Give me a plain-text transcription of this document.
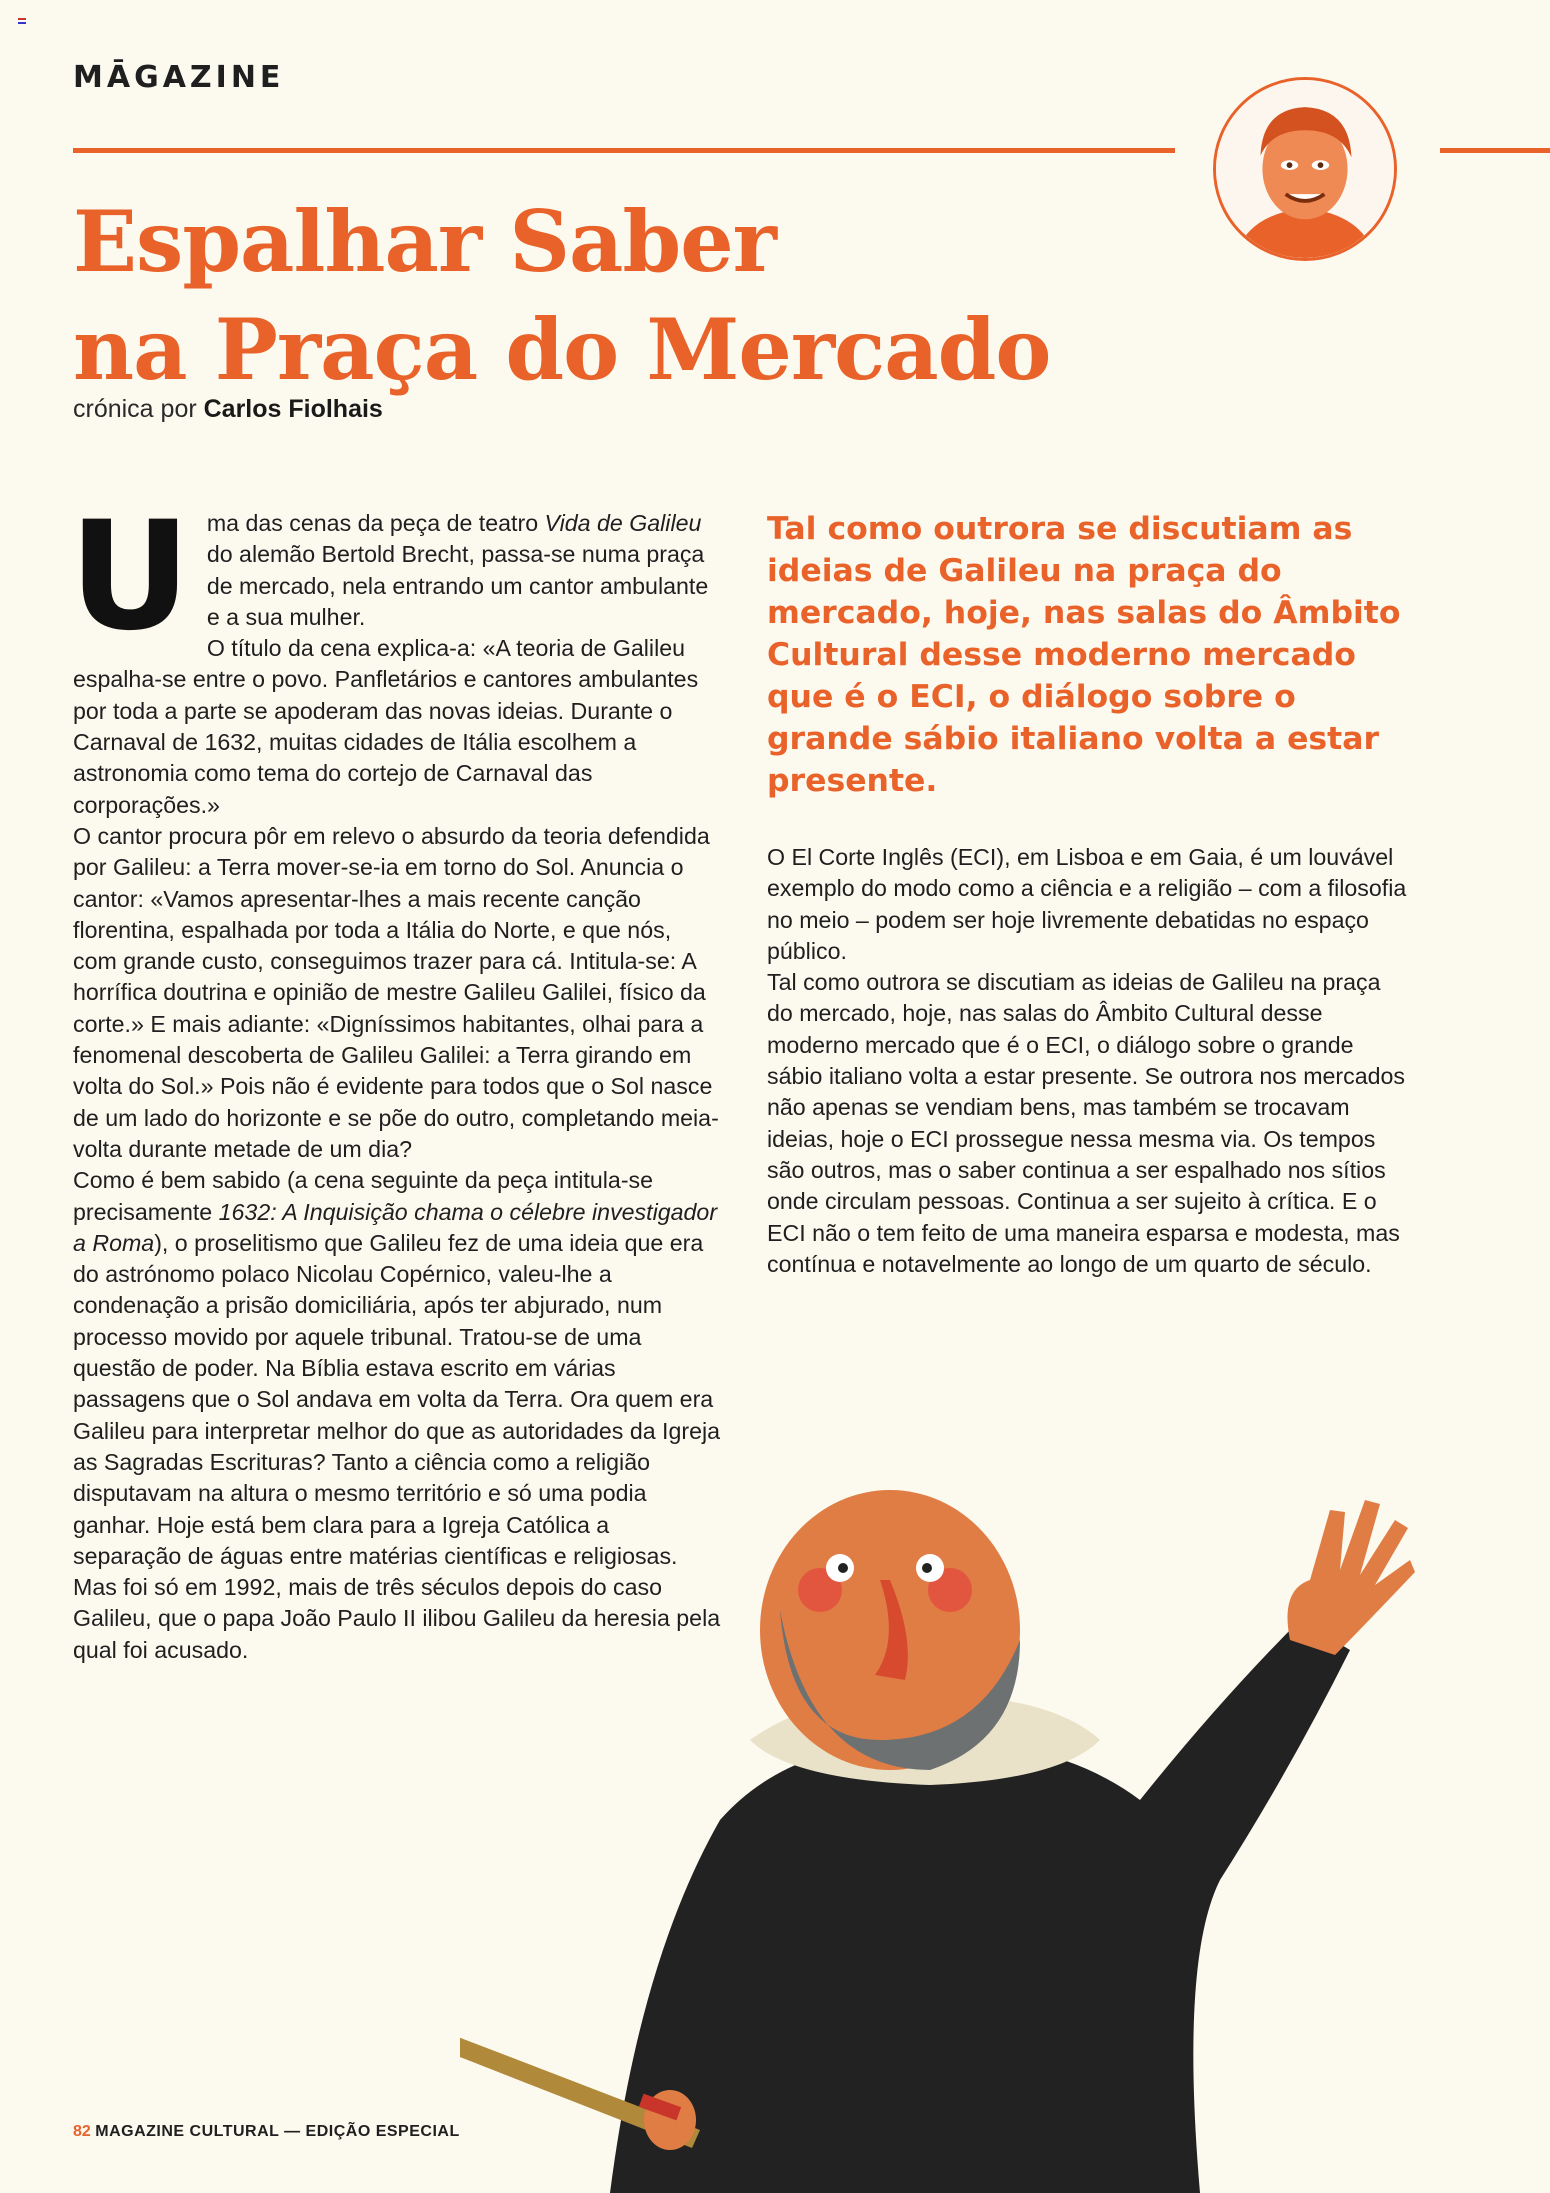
MĀGAZINE
Espalhar Saber
na Praça do Mercado
crónica por Carlos Fiolhais
U ma das cenas da peça de teatro Vida de Galileu do alemão Bertold Brecht, passa-se numa praça de mercado, nela entrando um cantor ambulante e a sua mulher.

O título da cena explica-a: «A teoria de Galileu espalha-se entre o povo. Panfletários e cantores ambulantes por toda a parte se apoderam das novas ideias. Durante o Carnaval de 1632, muitas cidades de Itália escolhem a astronomia como tema do cortejo de Carnaval das corporações.»

O cantor procura pôr em relevo o absurdo da teoria defendida por Galileu: a Terra mover-se-ia em torno do Sol. Anuncia o cantor: «Vamos apresentar-lhes a mais recente canção florentina, espalhada por toda a Itália do Norte, e que nós, com grande custo, conseguimos trazer para cá. Intitula-se: A horrífica doutrina e opinião de mestre Galileu Galilei, físico da corte.» E mais adiante: «Digníssimos habitantes, olhai para a fenomenal descoberta de Galileu Galilei: a Terra girando em volta do Sol.» Pois não é evidente para todos que o Sol nasce de um lado do horizonte e se põe do outro, completando meia-volta durante metade de um dia?

Como é bem sabido (a cena seguinte da peça intitula-se precisamente 1632: A Inquisição chama o célebre investigador a Roma), o proselitismo que Galileu fez de uma ideia que era do astrónomo polaco Nicolau Copérnico, valeu-lhe a condenação a prisão domiciliária, após ter abjurado, num processo movido por aquele tribunal. Tratou-se de uma questão de poder. Na Bíblia estava escrito em várias passagens que o Sol andava em volta da Terra. Ora quem era Galileu para interpretar melhor do que as autoridades da Igreja as Sagradas Escrituras? Tanto a ciência como a religião disputavam na altura o mesmo território e só uma podia ganhar. Hoje está bem clara para a Igreja Católica a separação de águas entre matérias científicas e religiosas. Mas foi só em 1992, mais de três séculos depois do caso Galileu, que o papa João Paulo II ilibou Galileu da heresia pela qual foi acusado.

Tal como outrora se discutiam as ideias de Galileu na praça do mercado, hoje, nas salas do Âmbito Cultural desse moderno mercado que é o ECI, o diálogo sobre o grande sábio italiano volta a estar presente.

O El Corte Inglês (ECI), em Lisboa e em Gaia, é um louvável exemplo do modo como a ciência e a religião – com a filosofia no meio – podem ser hoje livremente debatidas no espaço público.

Tal como outrora se discutiam as ideias de Galileu na praça do mercado, hoje, nas salas do Âmbito Cultural desse moderno mercado que é o ECI, o diálogo sobre o grande sábio italiano volta a estar presente. Se outrora nos mercados não apenas se vendiam bens, mas também se trocavam ideias, hoje o ECI prossegue nessa mesma via. Os tempos são outros, mas o saber continua a ser espalhado nos sítios onde circulam pessoas. Continua a ser sujeito à crítica. E o ECI não o tem feito de uma maneira esparsa e modesta, mas contínua e notavelmente ao longo de um quarto de século.

82 MAGAZINE CULTURAL — EDIÇÃO ESPECIAL
